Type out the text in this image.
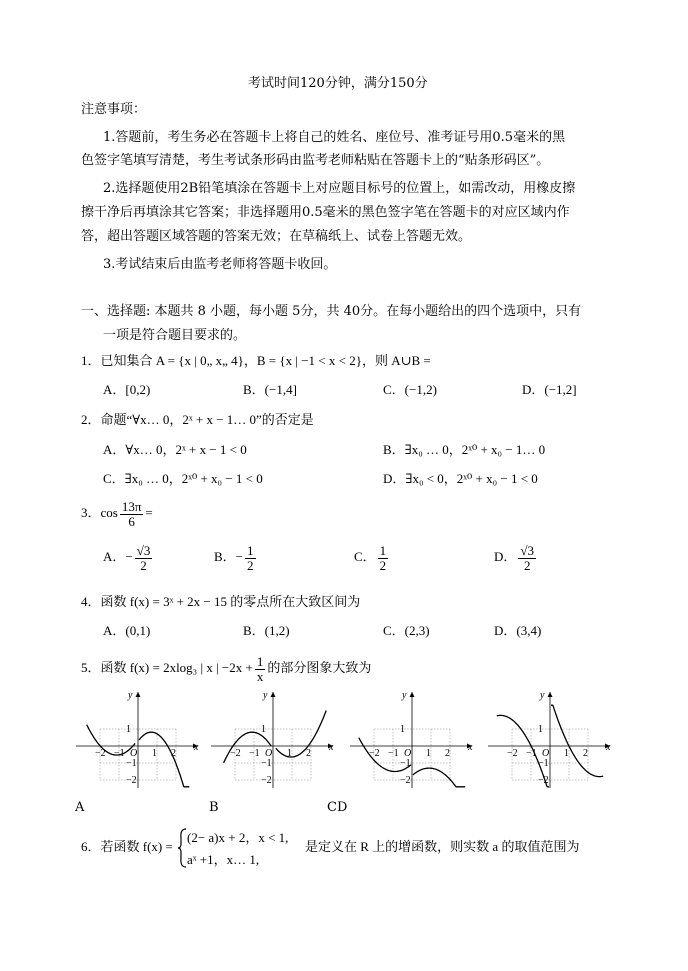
考试时间120分钟，满分150分
注意事项：
1.答题前，考生务必在答题卡上将自己的姓名、座位号、准考证号用0.5毫米的黑
色签字笔填写清楚，考生考试条形码由监考老师粘贴在答题卡上的“贴条形码区”。
2.选择题使用2B铅笔填涂在答题卡上对应题目标号的位置上，如需改动，用橡皮擦
擦干净后再填涂其它答案；非选择题用0.5毫米的黑色签字笔在答题卡的对应区域内作
答，超出答题区域答题的答案无效；在草稿纸上、试卷上答题无效。
3.考试结束后由监考老师将答题卡收回。
一、选择题: 本题共 8 小题，每小题 5分，共 40分。在每小题给出的四个选项中，只有
一项是符合题目要求的。
1．已知集合 A = {x | 0„ x„ 4}，B = {x | −1 < x < 2}，则 A∪B =
A．[0,2)	B．(−1,4]	C．(−1,2)	D．(−1,2]
2．命题“∀x… 0，2ˣ + x − 1… 0”的否定是
A．∀x… 0，2ˣ + x − 1 < 0	B．∃x₀ … 0，2ˣ⁰ + x₀ − 1… 0
C．∃x₀ … 0，2ˣ⁰ + x₀ − 1 < 0	D．∃x₀ < 0，2ˣ⁰ + x₀ − 1 < 0
3．$\cos \frac{13\pi}{6}$ =
A．− $\frac{√3}{2}$	B．− $\frac{1}{2}$	C． $\frac{1}{2}$	D． $\frac{√3}{2}$
4．函数 f(x) = 3ˣ + 2x − 15 的零点所在大致区间为
A．(0,1)	B．(1,2)	C．(2,3)	D．(3,4)
5．函数 f(x) = 2xlog₃ | x | $-2x + \frac{1}{x}$ 的部分图象大致为
x
y
O
−2 −1	1 2
1
−1
−2
x
y
O
−2 −1	1 2
1
−1
−2
x
y
O
−2 −1	1 2
1
−1
−2
x
y
O
−2 −1	1 2
1
−1
−2
A	B	CD
6．若函数 f(x) =
(2− a)x + 2，x < 1,
aˣ +1，x… 1,
是定义在 R 上的增函数，则实数 a 的取值范围为
